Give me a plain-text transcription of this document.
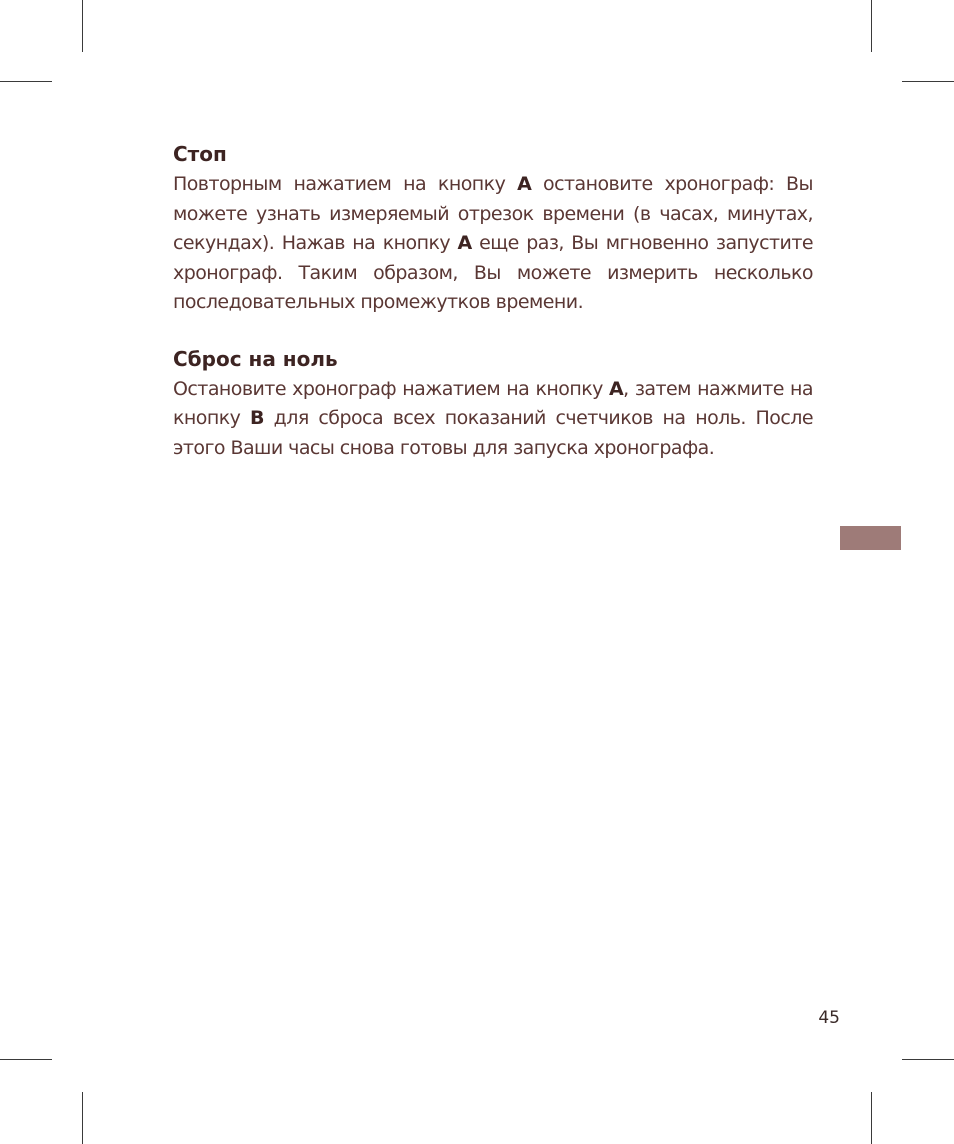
Стоп

Повторным нажатием на кнопку A остановите хронограф: Вы можете узнать измеряемый отрезок времени (в часах, минутах, секундах). Нажав на кнопку A еще раз, Вы мгновенно запустите хронограф. Таким образом, Вы можете измерить несколько последовательных промежутков времени.

Сброс на ноль

Остановите хронограф нажатием на кнопку A, затем нажмите на кнопку B для сброса всех показаний счетчиков на ноль. После этого Ваши часы снова готовы для запуска хронографа.

45
